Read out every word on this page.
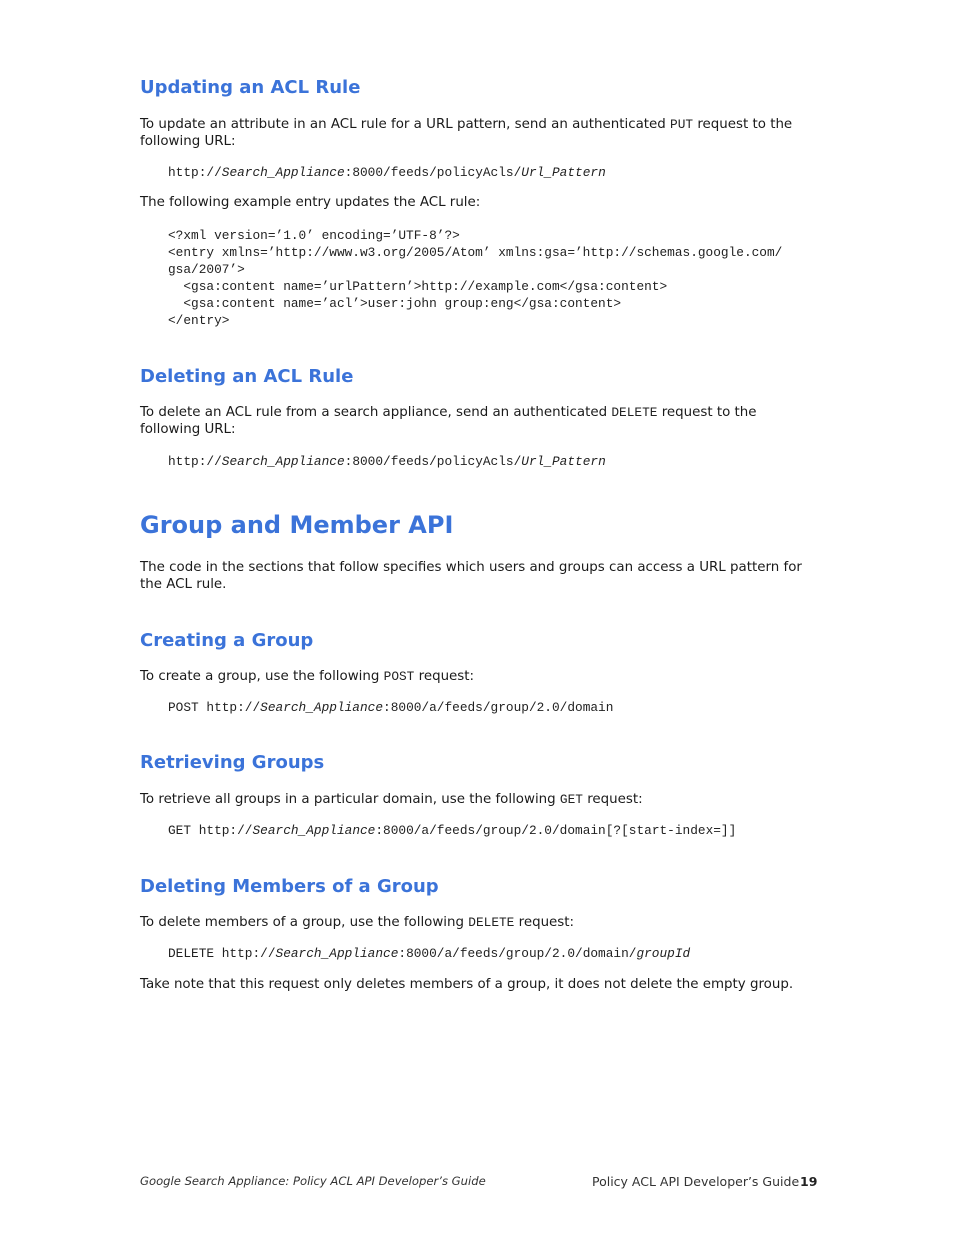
Updating an ACL Rule

To update an attribute in an ACL rule for a URL pattern, send an authenticated PUT request to the following URL:

http://Search_Appliance:8000/feeds/policyAcls/Url_Pattern

The following example entry updates the ACL rule:

<?xml version=’1.0’ encoding=’UTF-8’?>
<entry xmlns=’http://www.w3.org/2005/Atom’ xmlns:gsa=’http://schemas.google.com/
gsa/2007’>
<gsa:content name=’urlPattern’>http://example.com</gsa:content>
<gsa:content name=’acl’>user:john group:eng</gsa:content>
</entry>
Deleting an ACL Rule

To delete an ACL rule from a search appliance, send an authenticated DELETE request to the following URL:

http://Search_Appliance:8000/feeds/policyAcls/Url_Pattern
Group and Member API

The code in the sections that follow specifies which users and groups can access a URL pattern for the ACL rule.

Creating a Group

To create a group, use the following POST request:

POST http://Search_Appliance:8000/a/feeds/group/2.0/domain
Retrieving Groups

To retrieve all groups in a particular domain, use the following GET request:

GET http://Search_Appliance:8000/a/feeds/group/2.0/domain[?[start-index=]]
Deleting Members of a Group

To delete members of a group, use the following DELETE request:

DELETE http://Search_Appliance:8000/a/feeds/group/2.0/domain/groupId

Take note that this request only deletes members of a group, it does not delete the empty group.

Google Search Appliance: Policy ACL API Developer’s Guide	Policy ACL API Developer’s Guide 19
